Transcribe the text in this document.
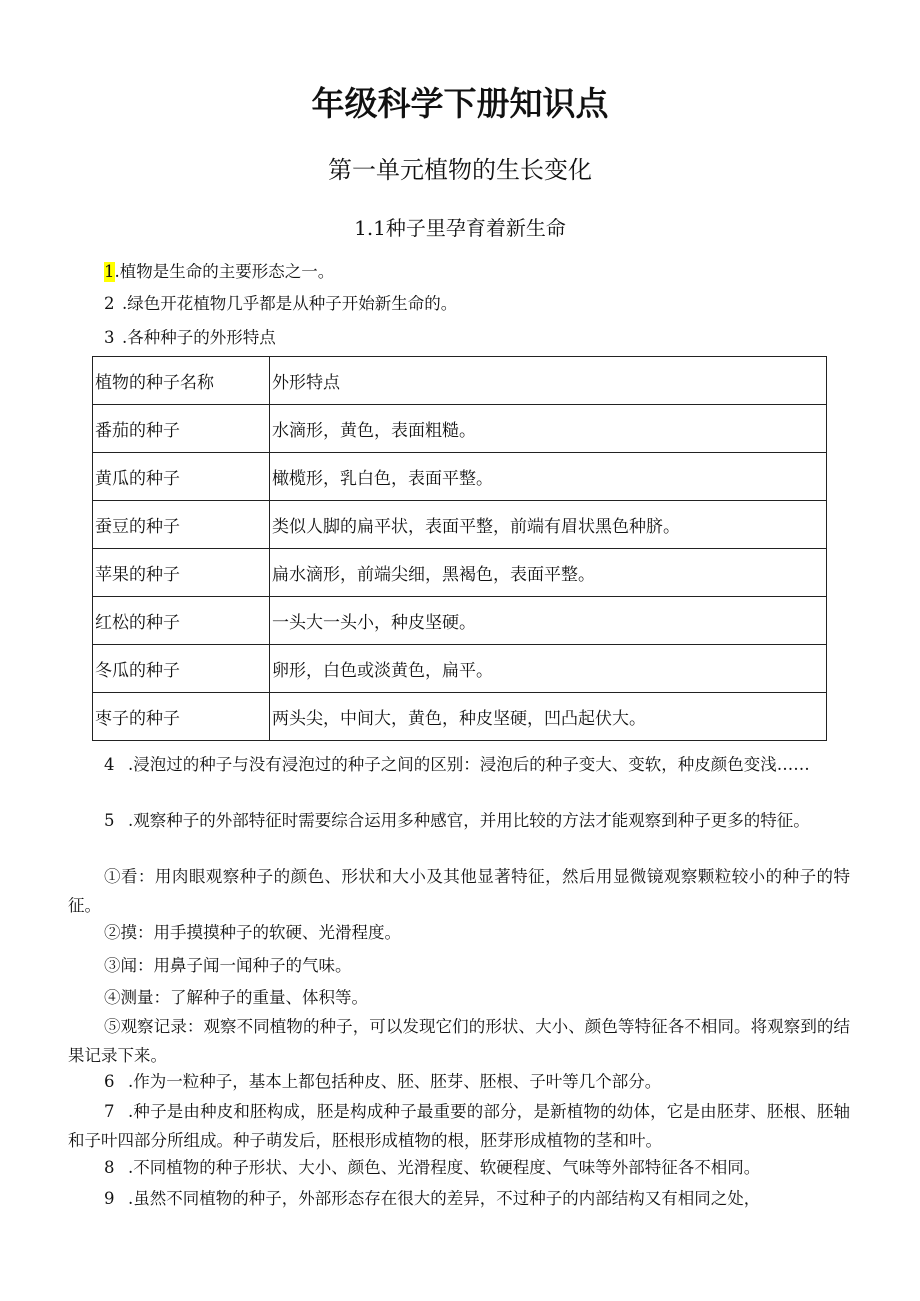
年级科学下册知识点
第一单元植物的生长变化
1.1种子里孕育着新生命
1.植物是生命的主要形态之一。
2 .绿色开花植物几乎都是从种子开始新生命的。
3 .各种种子的外形特点
植物的种子名称	外形特点
番茄的种子	水滴形，黄色，表面粗糙。
黄瓜的种子	橄榄形，乳白色，表面平整。
蚕豆的种子	类似人脚的扁平状，表面平整，前端有眉状黑色种脐。
苹果的种子	扁水滴形，前端尖细，黑褐色，表面平整。
红松的种子	一头大一头小，种皮坚硬。
冬瓜的种子	卵形，白色或淡黄色，扁平。
枣子的种子	两头尖，中间大，黄色，种皮坚硬，凹凸起伏大。
4 .浸泡过的种子与没有浸泡过的种子之间的区别：浸泡后的种子变大、变软，种皮颜色变浅……
5 .观察种子的外部特征时需要综合运用多种感官，并用比较的方法才能观察到种子更多的特征。
①看：用肉眼观察种子的颜色、形状和大小及其他显著特征，然后用显微镜观察颗粒较小的种子的特征。
②摸：用手摸摸种子的软硬、光滑程度。
③闻：用鼻子闻一闻种子的气味。
④测量：了解种子的重量、体积等。
⑤观察记录：观察不同植物的种子，可以发现它们的形状、大小、颜色等特征各不相同。将观察到的结果记录下来。
6 .作为一粒种子，基本上都包括种皮、胚、胚芽、胚根、子叶等几个部分。
7 .种子是由种皮和胚构成，胚是构成种子最重要的部分，是新植物的幼体，它是由胚芽、胚根、胚轴和子叶四部分所组成。种子萌发后，胚根形成植物的根，胚芽形成植物的茎和叶。
8 .不同植物的种子形状、大小、颜色、光滑程度、软硬程度、气味等外部特征各不相同。
9 .虽然不同植物的种子，外部形态存在很大的差异，不过种子的内部结构又有相同之处，
